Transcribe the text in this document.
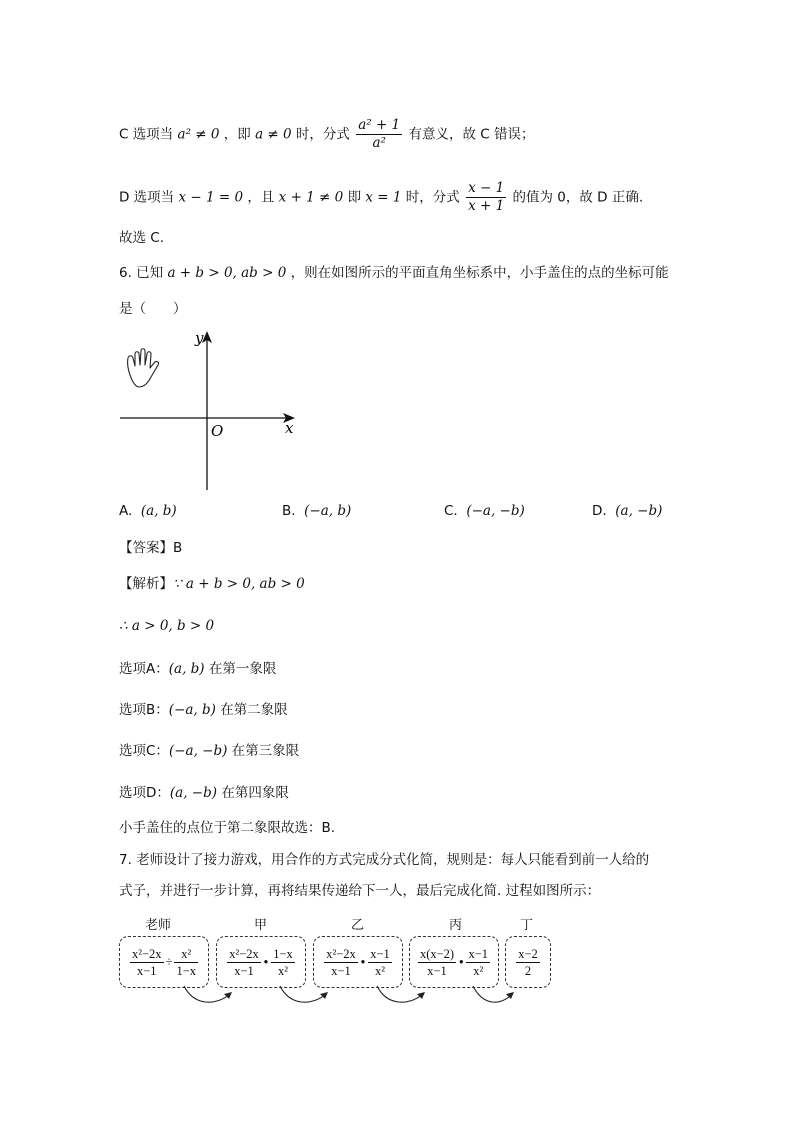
C 选项当 a² ≠ 0 ，即 a ≠ 0 时，分式 $\frac{\text{a² + 1}}{\text{a²}}$ 有意义，故 C 错误；
D 选项当 x − 1 = 0 ，且 x + 1 ≠ 0 即 x = 1 时，分式 $\frac{x - 1}{x + 1}$ 的值为 0，故 D 正确.
故选 C.
6. 已知 a + b > 0, ab > 0 ，则在如图所示的平面直角坐标系中，小手盖住的点的坐标可能
是（　　）
x
y
O
A. (a, b)	B. (−a, b)	C. (−a, −b)	D. (a, −b)
【答案】B
【解析】∵ a + b > 0, ab > 0
∴ a > 0, b > 0
选项A：(a, b) 在第一象限
选项B：(−a, b) 在第二象限
选项C：(−a, −b) 在第三象限
选项D：(a, −b) 在第四象限
小手盖住的点位于第二象限故选：B.
7. 老师设计了接力游戏，用合作的方式完成分式化简，规则是：每人只能看到前一人给的
式子，并进行一步计算，再将结果传递给下一人，最后完成化简. 过程如图所示：
老师	甲	乙	丙	丁
$\frac{\text{x²−2x}}{x-1} \div \frac{\text{x²}}{1-x} \frac{\text{x²−2x}}{x-1}$ • $\frac{1-x}{\text{x²}} \frac{\text{x²−2x}}{x-1}$ • $\frac{x-1}{\text{x²}} \frac{x(x-2)}{x-1}$ • $\frac{x-1}{\text{x²}} \frac{x-2}{2}$
